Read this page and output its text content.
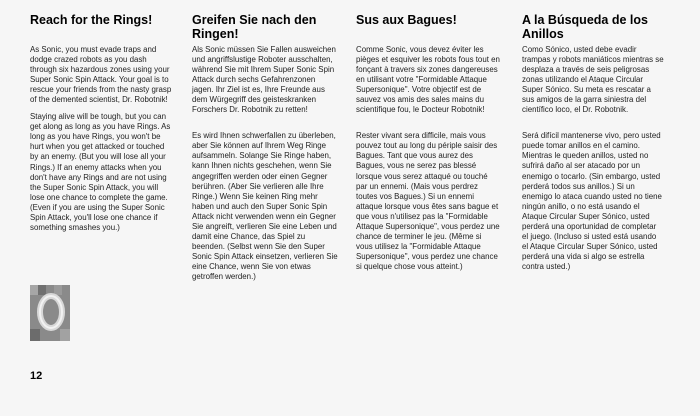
Reach for the Rings!

As Sonic, you must evade traps and dodge crazed robots as you dash through six hazardous zones using your Super Sonic Spin Attack. Your goal is to rescue your friends from the nasty grasp of the demented scientist, Dr. Robotnik!

Staying alive will be tough, but you can get along as long as you have Rings. As long as you have Rings, you won't be hurt when you get attacked or touched by an enemy. (But you will lose all your Rings.) If an enemy attacks when you don't have any Rings and are not using the Super Sonic Spin Attack, you will lose one chance to complete the game. (Even if you are using the Super Sonic Spin Attack, you'll lose one chance if something smashes you.)

Greifen Sie nach den Ringen!

Als Sonic müssen Sie Fallen ausweichen und angriffslustige Roboter ausschalten, während Sie mit Ihrem Super Sonic Spin Attack durch sechs Gefahrenzonen jagen. Ihr Ziel ist es, Ihre Freunde aus dem Würgegriff des geisteskranken Forschers Dr. Robotnik zu retten!

Es wird Ihnen schwerfallen zu überleben, aber Sie können auf Ihrem Weg Ringe aufsammeln. Solange Sie Ringe haben, kann Ihnen nichts geschehen, wenn Sie angegriffen werden oder einen Gegner berühren. (Aber Sie verlieren alle Ihre Ringe.) Wenn Sie keinen Ring mehr haben und auch den Super Sonic Spin Attack nicht verwenden wenn ein Gegner Sie angreift, verlieren Sie eine Leben und damit eine Chance, das Spiel zu beenden. (Selbst wenn Sie den Super Sonic Spin Attack einsetzen, verlieren Sie eine Chance, wenn Sie von etwas getroffen werden.)

Sus aux Bagues!

Comme Sonic, vous devez éviter les pièges et esquiver les robots fous tout en fonçant à travers six zones dangereuses en utilisant votre "Formidable Attaque Supersonique". Votre objectif est de sauvez vos amis des sales mains du scientifique fou, le Docteur Robotnik!

Rester vivant sera difficile, mais vous pouvez tout au long du périple saisir des Bagues. Tant que vous aurez des Bagues, vous ne serez pas blessé lorsque vous serez attaqué ou touché par un ennemi. (Mais vous perdrez toutes vos Bagues.) Si un ennemi attaque lorsque vous êtes sans bague et que vous n'utilisez pas la "Formidable Attaque Supersonique", vous perdez une chance de terminer le jeu. (Même si vous utilisez la "Formidable Attaque Supersonique", vous perdez une chance si quelque chose vous atteint.)

A la Búsqueda de los Anillos

Como Sónico, usted debe evadir trampas y robots maniáticos mientras se desplaza a través de seis peligrosas zonas utilizando el Ataque Circular Super Sónico. Su meta es rescatar a sus amigos de la garra siniestra del científico loco, el Dr. Robotnik.

Será difícil mantenerse vivo, pero usted puede tomar anillos en el camino. Mientras le queden anillos, usted no sufrirá daño al ser atacado por un enemigo o tocarlo. (Sin embargo, usted perderá todos sus anillos.) Si un enemigo lo ataca cuando usted no tiene ningún anillo, o no está usando el Ataque Circular Super Sónico, usted perderá una oportunidad de completar el juego. (Incluso si usted está usando el Ataque Circular Super Sónico, usted perderá una vida si algo se estrella contra usted.)

12
